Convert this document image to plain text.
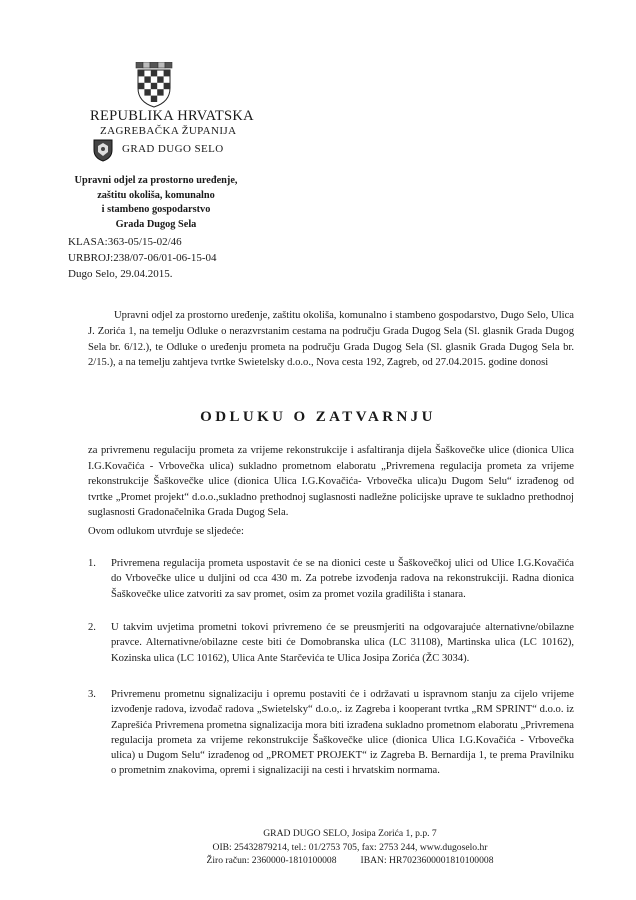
REPUBLIKA HRVATSKA
ZAGREBAČKA ŽUPANIJA
GRAD DUGO SELO
Upravni odjel za prostorno uređenje,
zaštitu okoliša, komunalno
i stambeno gospodarstvo
Grada Dugog Sela
KLASA:363-05/15-02/46
URBROJ:238/07-06/01-06-15-04
Dugo Selo, 29.04.2015.
Upravni odjel za prostorno uređenje, zaštitu okoliša, komunalno i stambeno gospodarstvo, Dugo Selo, Ulica J. Zorića 1, na temelju Odluke o nerazvrstanim cestama na području Grada Dugog Sela (Sl. glasnik Grada Dugog Sela br. 6/12.), te Odluke o uređenju prometa na području Grada Dugog Sela (Sl. glasnik Grada Dugog Sela br. 2/15.), a na temelju zahtjeva tvrtke Swietelsky d.o.o., Nova cesta 192, Zagreb, od 27.04.2015. godine donosi
ODLUKU O ZATVARNJU
za privremenu regulaciju prometa za vrijeme rekonstrukcije i asfaltiranja dijela Šaškovečke ulice (dionica Ulica I.G.Kovačića - Vrbovečka ulica) sukladno prometnom elaboratu „Privremena regulacija prometa za vrijeme rekonstrukcije Šaškovečke ulice (dionica Ulica I.G.Kovačića- Vrbovečka ulica)u Dugom Selu“ izrađenog od tvrtke „Promet projekt“ d.o.o.,sukladno prethodnoj suglasnosti nadležne policijske uprave te sukladno prethodnoj suglasnosti Gradonačelnika Grada Dugog Sela.
Ovom odlukom utvrđuje se sljedeće:
1. Privremena regulacija prometa uspostavit će se na dionici ceste u Šaškovečkoj ulici od Ulice I.G.Kovačića do Vrbovečke ulice u duljini od cca 430 m. Za potrebe izvođenja radova na rekonstrukciji. Radna dionica Šaškovečke ulice zatvoriti za sav promet, osim za promet vozila gradilišta i stanara.
2. U takvim uvjetima prometni tokovi privremeno će se preusmjeriti na odgovarajuće alternativne/obilazne pravce. Alternativne/obilazne ceste biti će Domobranska ulica (LC 31108), Martinska ulica (LC 10162), Kozinska ulica (LC 10162), Ulica Ante Starčevića te Ulica Josipa Zorića (ŽC 3034).
3. Privremenu prometnu signalizaciju i opremu postaviti će i održavati u ispravnom stanju za cijelo vrijeme izvođenje radova, izvođač radova „Swietelsky“ d.o.o,. iz Zagreba i kooperant tvrtka „RM SPRINT“ d.o.o. iz Zaprešića Privremena prometna signalizacija mora biti izrađena sukladno prometnom elaboratu „Privremena regulacija prometa za vrijeme rekonstrukcije Šaškovečke ulice (dionica Ulica I.G.Kovačića - Vrbovečka ulica) u Dugom Selu“ izrađenog od „PROMET PROJEKT“ iz Zagreba B. Bernardija 1, te prema Pravilniku o prometnim znakovima, opremi i signalizaciji na cesti i hrvatskim normama.
GRAD DUGO SELO, Josipa Zorića 1, p.p. 7
OIB: 25432879214, tel.: 01/2753 705, fax: 2753 244, www.dugoselo.hr
Žiro račun: 2360000-1810100008          IBAN: HR7023600001810100008
